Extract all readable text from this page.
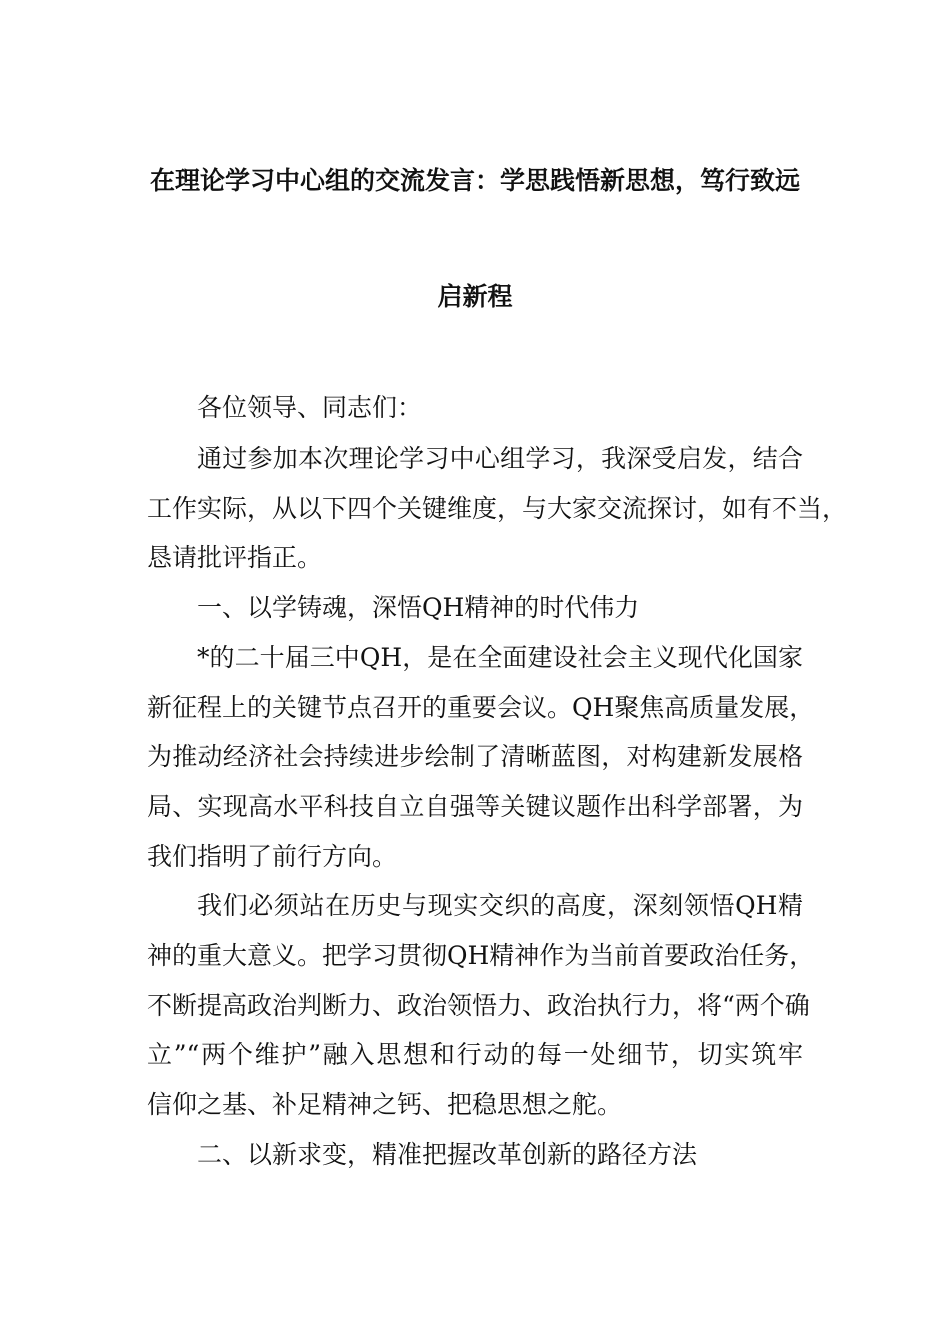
在理论学习中心组的交流发言：学思践悟新思想，笃行致远
启新程
各位领导、同志们：
通过参加本次理论学习中心组学习，我深受启发，结合
工作实际，从以下四个关键维度，与大家交流探讨，如有不当，
恳请批评指正。
一、以学铸魂，深悟QH精神的时代伟力
*的二十届三中QH，是在全面建设社会主义现代化国家
新征程上的关键节点召开的重要会议。QH聚焦高质量发展，
为推动经济社会持续进步绘制了清晰蓝图，对构建新发展格
局、实现高水平科技自立自强等关键议题作出科学部署，为
我们指明了前行方向。
我们必须站在历史与现实交织的高度，深刻领悟QH精
神的重大意义。把学习贯彻QH精神作为当前首要政治任务，
不断提高政治判断力、政治领悟力、政治执行力，将“两个确
立”“两个维护”融入思想和行动的每一处细节，切实筑牢
信仰之基、补足精神之钙、把稳思想之舵。
二、以新求变，精准把握改革创新的路径方法
